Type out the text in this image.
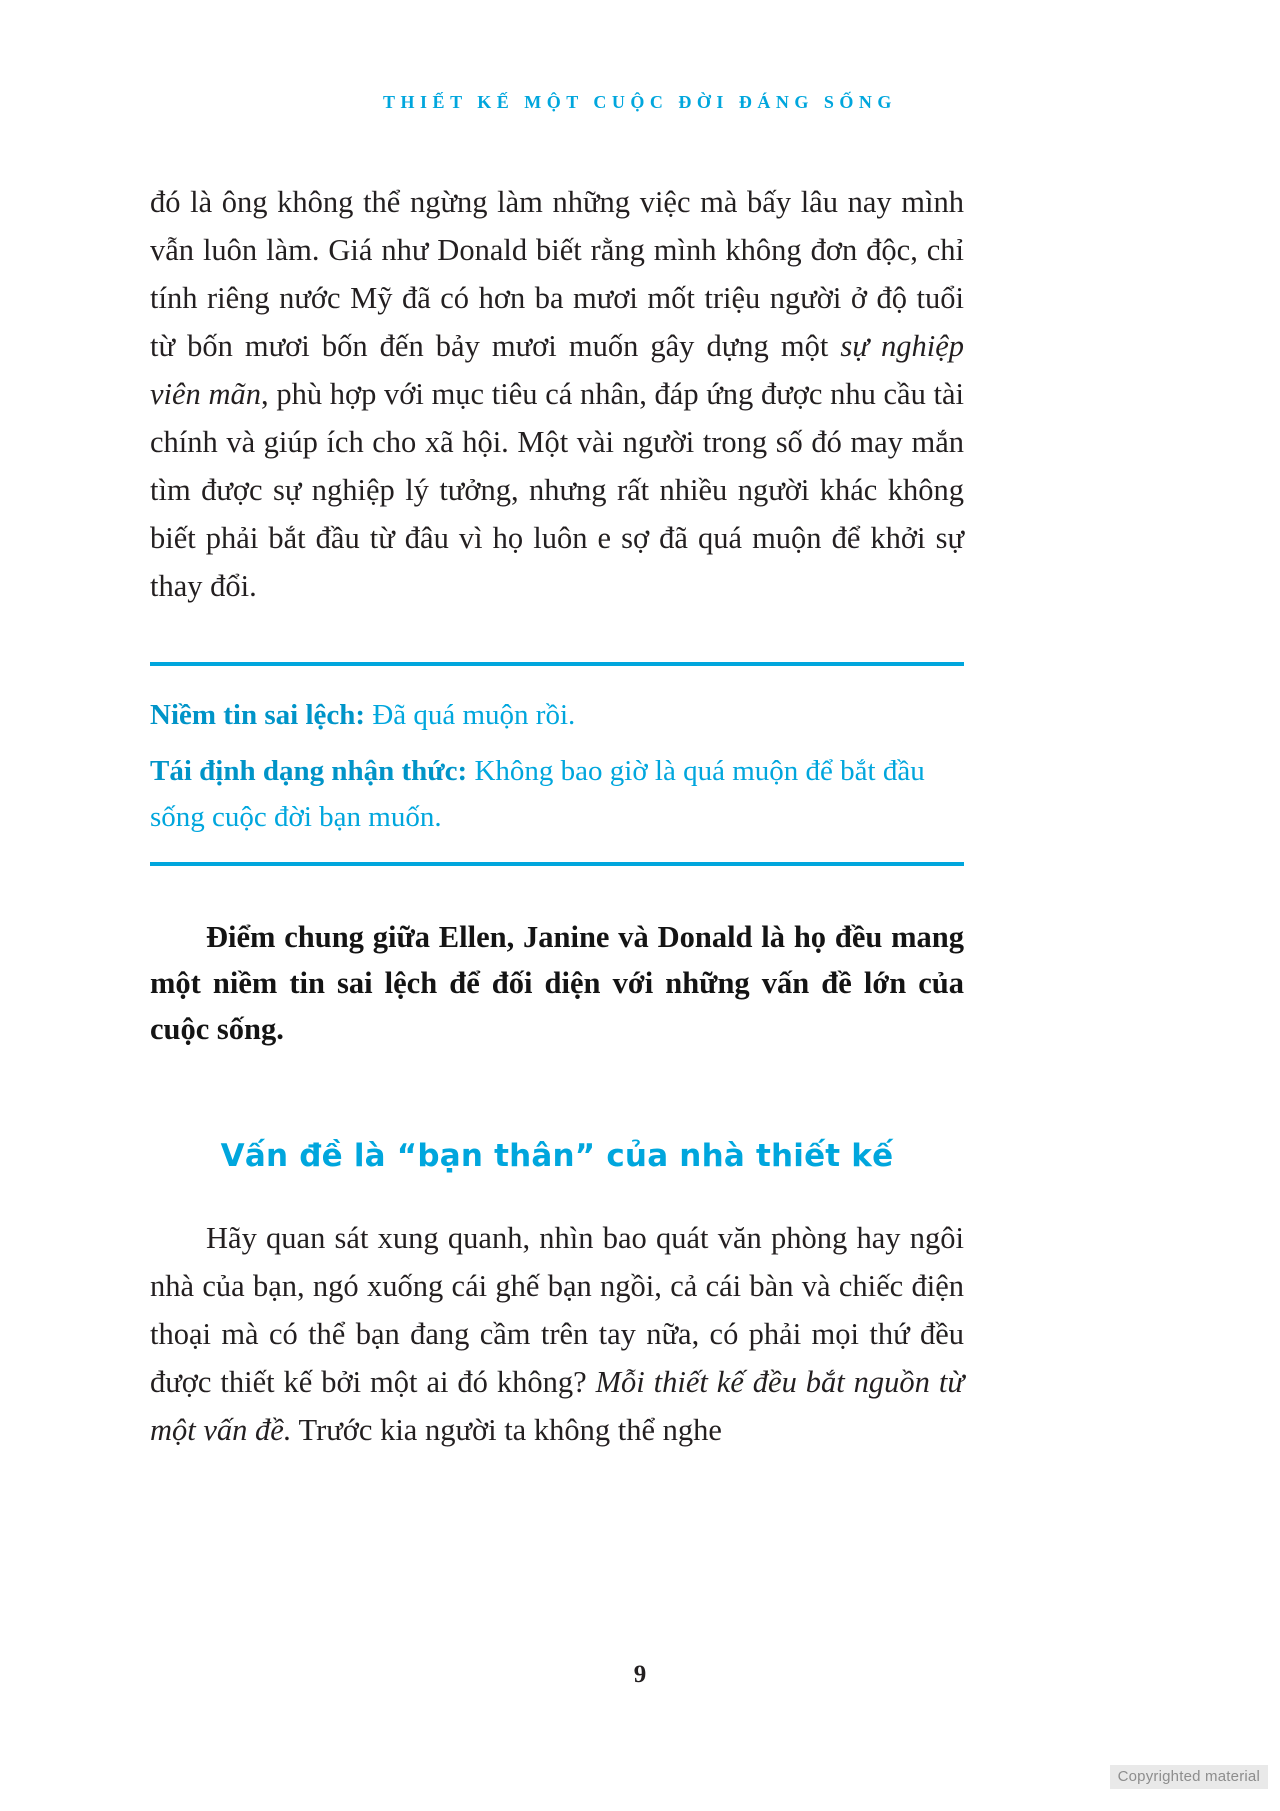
THIẾT KẾ MỘT CUỘC ĐỜI ĐÁNG SỐNG

đó là ông không thể ngừng làm những việc mà bấy lâu nay mình vẫn luôn làm. Giá như Donald biết rằng mình không đơn độc, chỉ tính riêng nước Mỹ đã có hơn ba mươi mốt triệu người ở độ tuổi từ bốn mươi bốn đến bảy mươi muốn gây dựng một sự nghiệp viên mãn, phù hợp với mục tiêu cá nhân, đáp ứng được nhu cầu tài chính và giúp ích cho xã hội. Một vài người trong số đó may mắn tìm được sự nghiệp lý tưởng, nhưng rất nhiều người khác không biết phải bắt đầu từ đâu vì họ luôn e sợ đã quá muộn để khởi sự thay đổi.

Niềm tin sai lệch: Đã quá muộn rồi.

Tái định dạng nhận thức: Không bao giờ là quá muộn để bắt đầu sống cuộc đời bạn muốn.

Điểm chung giữa Ellen, Janine và Donald là họ đều mang một niềm tin sai lệch để đối diện với những vấn đề lớn của cuộc sống.

Vấn đề là “bạn thân” của nhà thiết kế

Hãy quan sát xung quanh, nhìn bao quát văn phòng hay ngôi nhà của bạn, ngó xuống cái ghế bạn ngồi, cả cái bàn và chiếc điện thoại mà có thể bạn đang cầm trên tay nữa, có phải mọi thứ đều được thiết kế bởi một ai đó không? Mỗi thiết kế đều bắt nguồn từ một vấn đề. Trước kia người ta không thể nghe

9
Copyrighted material
